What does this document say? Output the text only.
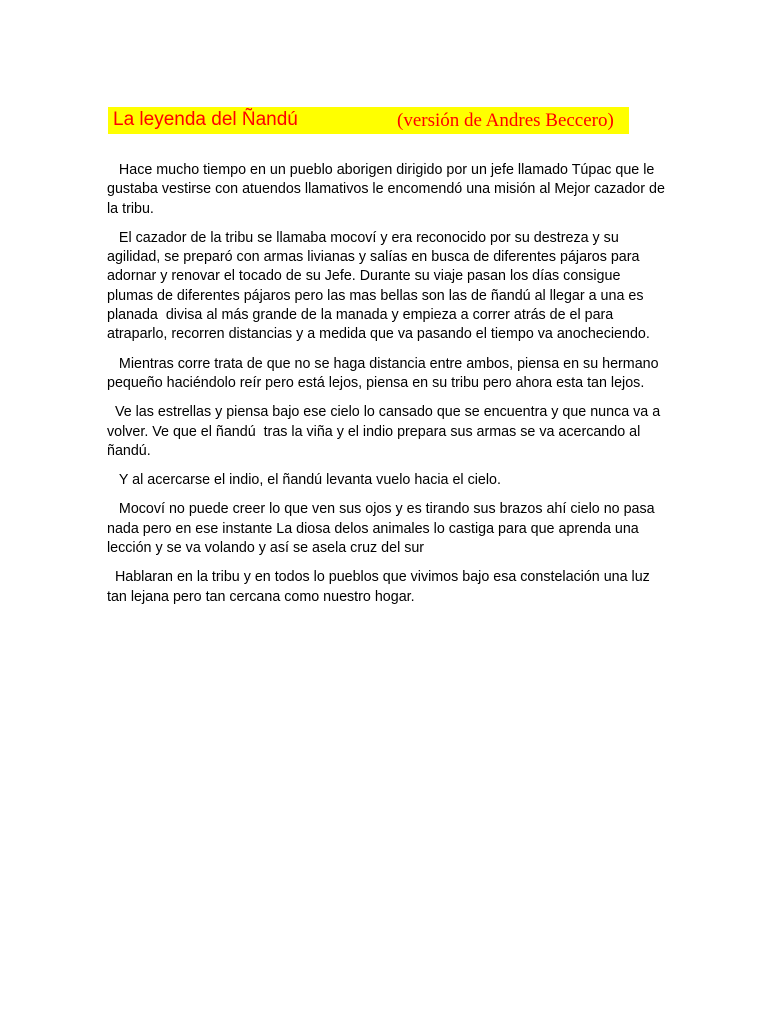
La leyenda del Ñandú	(versión de Andres Beccero)

Hace mucho tiempo en un pueblo aborigen dirigido por un jefe llamado Túpac que le gustaba vestirse con atuendos llamativos le encomendó una misión al Mejor cazador de la tribu.

El cazador de la tribu se llamaba mocoví y era reconocido por su destreza y su agilidad, se preparó con armas livianas y salías en busca de diferentes pájaros para adornar y renovar el tocado de su Jefe. Durante su viaje pasan los días consigue plumas de diferentes pájaros pero las mas bellas son las de ñandú al llegar a una es planada  divisa al más grande de la manada y empieza a correr atrás de el para atraparlo, recorren distancias y a medida que va pasando el tiempo va anocheciendo.

Mientras corre trata de que no se haga distancia entre ambos, piensa en su hermano pequeño haciéndolo reír pero está lejos, piensa en su tribu pero ahora esta tan lejos.

Ve las estrellas y piensa bajo ese cielo lo cansado que se encuentra y que nunca va a volver. Ve que el ñandú  tras la viña y el indio prepara sus armas se va acercando al ñandú.

Y al acercarse el indio, el ñandú levanta vuelo hacia el cielo.

Mocoví no puede creer lo que ven sus ojos y es tirando sus brazos ahí cielo no pasa nada pero en ese instante La diosa delos animales lo castiga para que aprenda una lección y se va volando y así se asela cruz del sur

Hablaran en la tribu y en todos lo pueblos que vivimos bajo esa constelación una luz tan lejana pero tan cercana como nuestro hogar.
